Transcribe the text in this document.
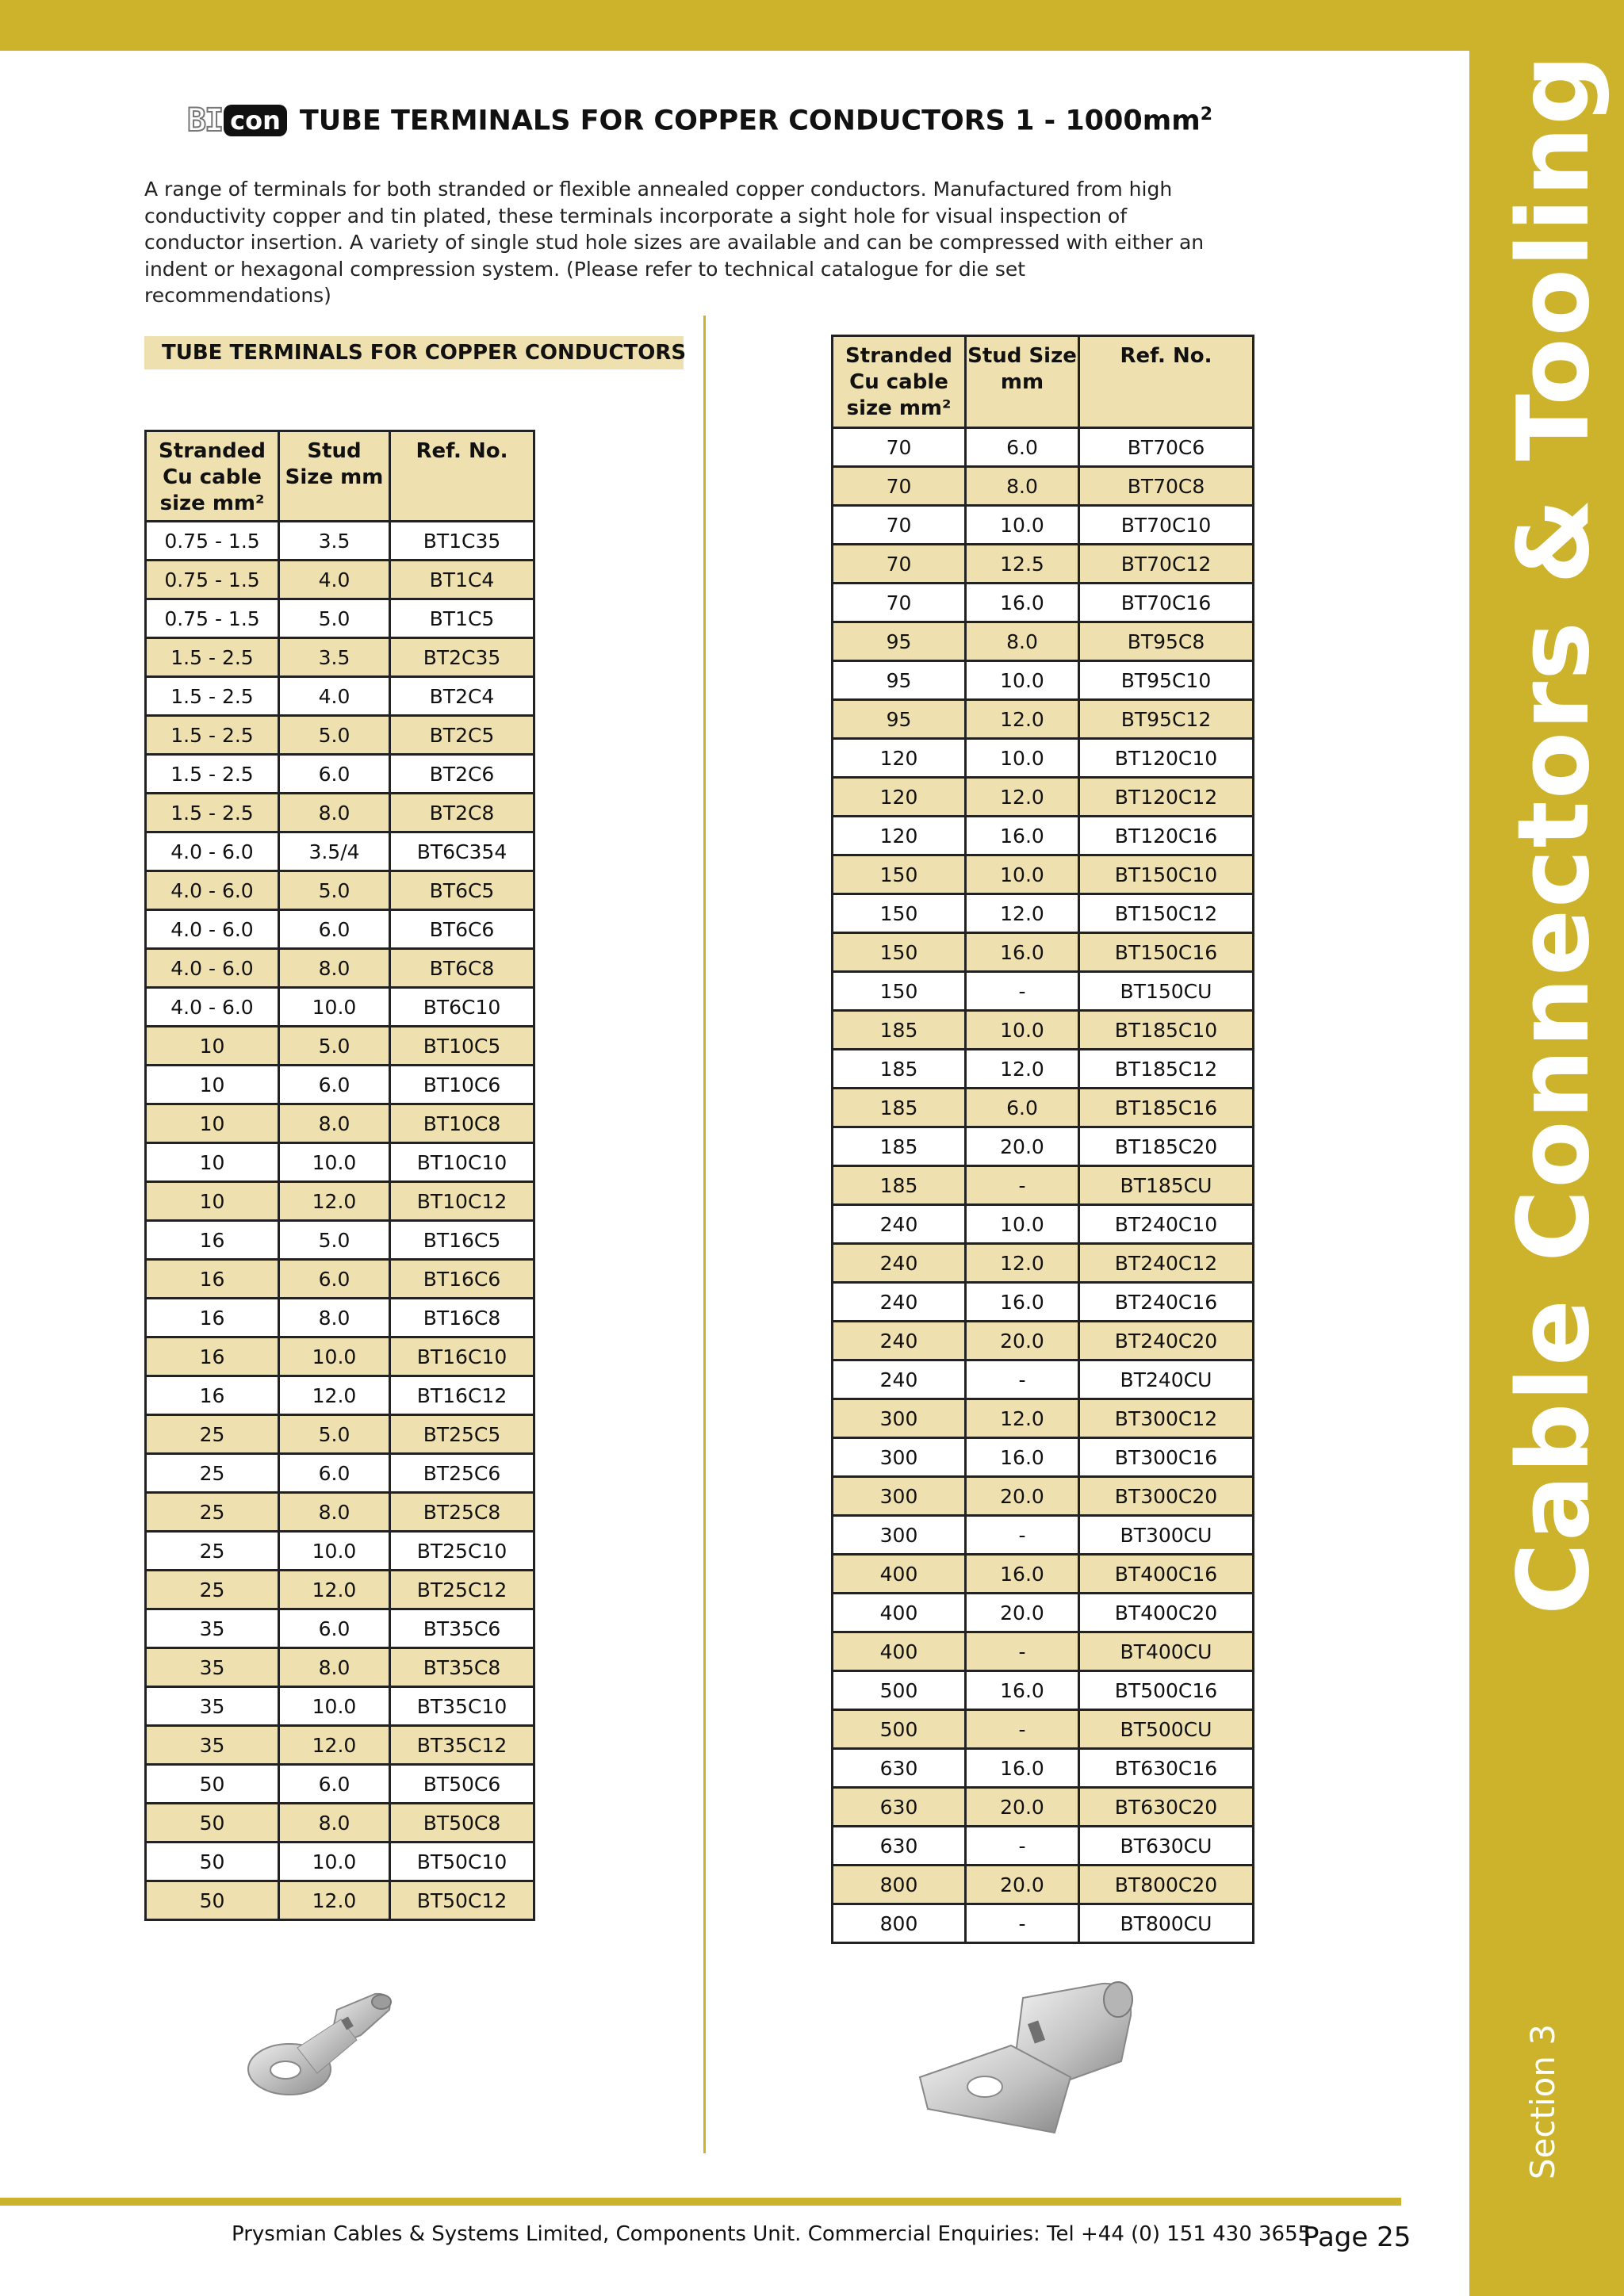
Cable Connectors & Tooling
Section 3
BI con TUBE TERMINALS FOR COPPER CONDUCTORS $1 - 1000mm^2$

A range of terminals for both stranded or flexible annealed copper conductors. Manufactured from high conductivity copper and tin plated, these terminals incorporate a sight hole for visual inspection of conductor insertion. A variety of single stud hole sizes are available and can be compressed with either an indent or hexagonal compression system. (Please refer to technical catalogue for die set recommendations)

TUBE TERMINALS FOR COPPER CONDUCTORS
Stranded Cu cable size mm²	Stud Size mm	Ref. No.
0.75 - 1.5	3.5	BT1C35
0.75 - 1.5	4.0	BT1C4
0.75 - 1.5	5.0	BT1C5
1.5 - 2.5	3.5	BT2C35
1.5 - 2.5	4.0	BT2C4
1.5 - 2.5	5.0	BT2C5
1.5 - 2.5	6.0	BT2C6
1.5 - 2.5	8.0	BT2C8
4.0 - 6.0	3.5/4	BT6C354
4.0 - 6.0	5.0	BT6C5
4.0 - 6.0	6.0	BT6C6
4.0 - 6.0	8.0	BT6C8
4.0 - 6.0	10.0	BT6C10
10	5.0	BT10C5
10	6.0	BT10C6
10	8.0	BT10C8
10	10.0	BT10C10
10	12.0	BT10C12
16	5.0	BT16C5
16	6.0	BT16C6
16	8.0	BT16C8
16	10.0	BT16C10
16	12.0	BT16C12
25	5.0	BT25C5
25	6.0	BT25C6
25	8.0	BT25C8
25	10.0	BT25C10
25	12.0	BT25C12
35	6.0	BT35C6
35	8.0	BT35C8
35	10.0	BT35C10
35	12.0	BT35C12
50	6.0	BT50C6
50	8.0	BT50C8
50	10.0	BT50C10
50	12.0	BT50C12
Stranded Cu cable size mm²	Stud Size mm	Ref. No.
70	6.0	BT70C6
70	8.0	BT70C8
70	10.0	BT70C10
70	12.5	BT70C12
70	16.0	BT70C16
95	8.0	BT95C8
95	10.0	BT95C10
95	12.0	BT95C12
120	10.0	BT120C10
120	12.0	BT120C12
120	16.0	BT120C16
150	10.0	BT150C10
150	12.0	BT150C12
150	16.0	BT150C16
150	-	BT150CU
185	10.0	BT185C10
185	12.0	BT185C12
185	6.0	BT185C16
185	20.0	BT185C20
185	-	BT185CU
240	10.0	BT240C10
240	12.0	BT240C12
240	16.0	BT240C16
240	20.0	BT240C20
240	-	BT240CU
300	12.0	BT300C12
300	16.0	BT300C16
300	20.0	BT300C20
300	-	BT300CU
400	16.0	BT400C16
400	20.0	BT400C20
400	-	BT400CU
500	16.0	BT500C16
500	-	BT500CU
630	16.0	BT630C16
630	20.0	BT630C20
630	-	BT630CU
800	20.0	BT800C20
800	-	BT800CU
Prysmian Cables & Systems Limited, Components Unit. Commercial Enquiries: Tel +44 (0) 151 430 3655
Page 25
